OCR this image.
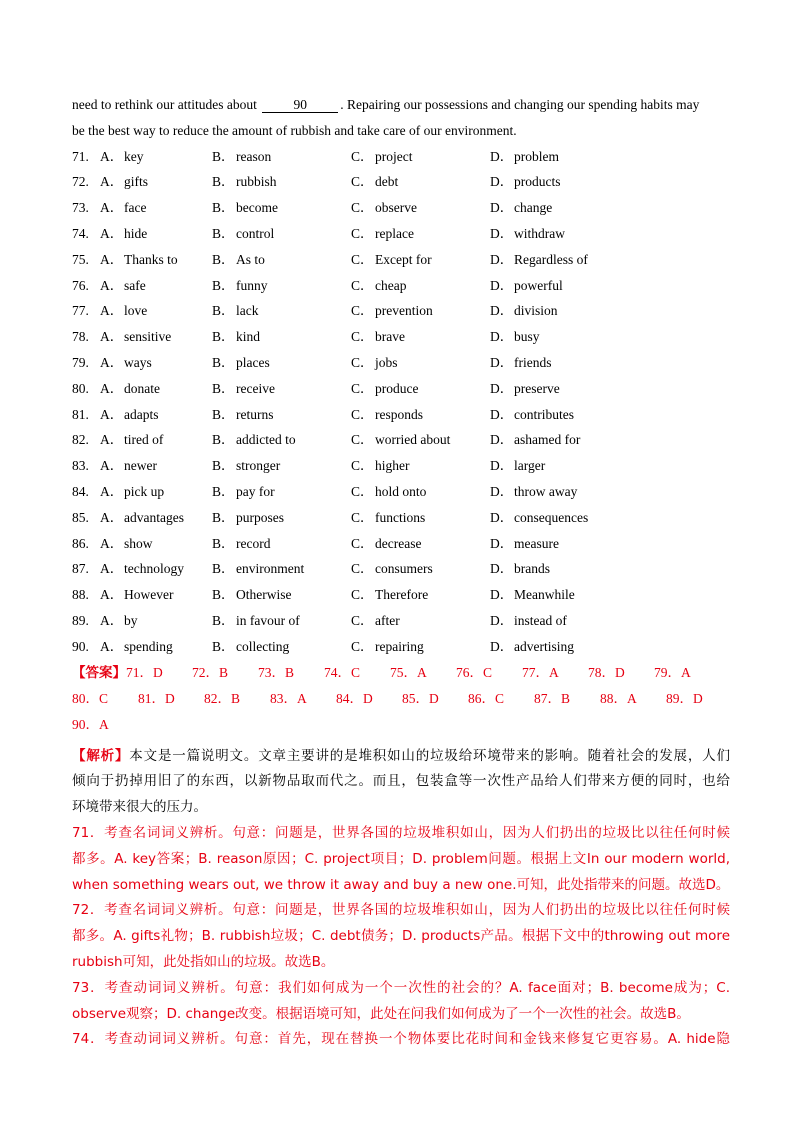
need to rethink our attitudes about	90 . Repairing our possessions and changing our spending habits may
be the best way to reduce the amount of rubbish and take care of our environment.
71. A． key	B． reason	C． project	D． problem
72. A． gifts	B． rubbish	C． debt	D． products
73. A． face	B． become	C． observe	D． change
74. A． hide	B． control	C． replace	D． withdraw
75. A． Thanks to	B． As to	C． Except for	D． Regardless of
76. A． safe	B． funny	C． cheap	D． powerful
77. A． love	B． lack	C． prevention	D． division
78. A． sensitive	B． kind	C． brave	D． busy
79. A． ways	B． places	C． jobs	D． friends
80. A． donate	B． receive	C． produce	D． preserve
81. A． adapts	B． returns	C． responds	D． contributes
82. A． tired of	B． addicted to	C． worried about	D． ashamed for
83. A． newer	B． stronger	C． higher	D． larger
84. A． pick up	B． pay for	C． hold onto	D． throw away
85. A． advantages B． purposes	C． functions	D． consequences
86. A． show	B． record	C． decrease	D． measure
87. A． technology B． environment	C． consumers	D． brands
88. A． However	B． Otherwise	C． Therefore	D． Meanwhile
89. A． by	B． in favour of	C． after	D． instead of
90. A． spending	B． collecting	C． repairing	D． advertising
【答案】 71．D	72．B	73．B	74．C	75．A	76．C	77．A	78．D	79．A
80．C	81．D	82．B	83．A	84．D	85．D	86．C	87．B	88．A	89．D
90．A
【解析】本文是一篇说明文。文章主要讲的是堆积如山的垃圾给环境带来的影响。随着社会的发展，人们
倾向于扔掉用旧了的东西，以新物品取而代之。而且，包装盒等一次性产品给人们带来方便的同时，也给
环境带来很大的压力。
71．考查名词词义辨析。句意：问题是，世界各国的垃圾堆积如山，因为人们扔出的垃圾比以往任何时候
都多。A. key答案；B. reason原因；C. project项目；D. problem问题。根据上文In our modern world,
when something wears out, we throw it away and buy a new one.可知，此处指带来的问题。故选D。
72．考查名词词义辨析。句意：问题是，世界各国的垃圾堆积如山，因为人们扔出的垃圾比以往任何时候
都多。A. gifts礼物；B. rubbish垃圾；C. debt债务；D. products产品。根据下文中的throwing out more
rubbish可知，此处指如山的垃圾。故选B。
73．考查动词词义辨析。句意：我们如何成为一个一次性的社会的？A. face面对；B. become成为；C.
observe观察；D. change改变。根据语境可知，此处在问我们如何成为了一个一次性的社会。故选B。
74．考查动词词义辨析。句意：首先，现在替换一个物体要比花时间和金钱来修复它更容易。A. hide隐
